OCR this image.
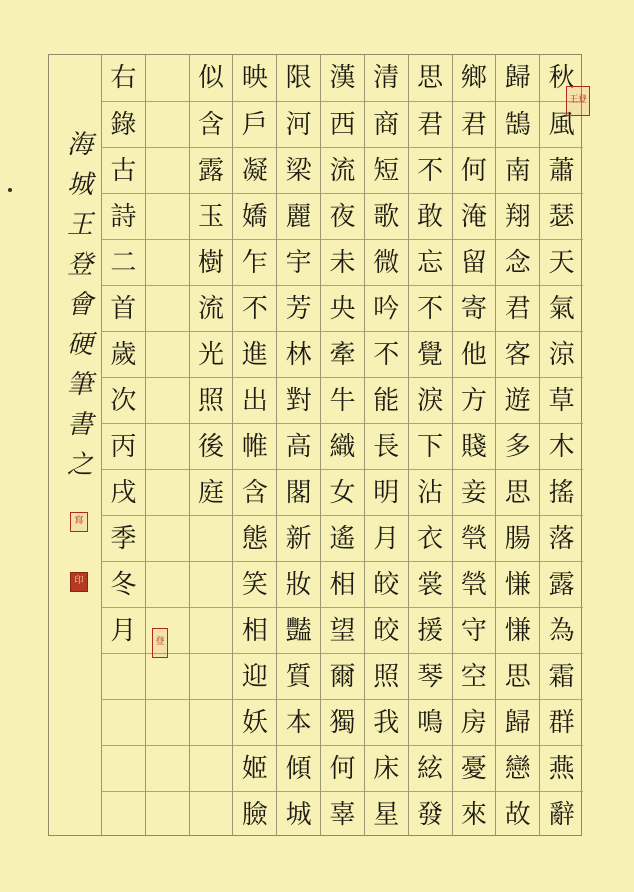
秋
風
蕭
瑟
天
氣
涼
草
木
搖
落
露
為
霜
群
燕
辭
歸
鵠
南
翔
念
君
客
遊
多
思
腸
慊
慊
思
歸
戀
故
鄉
君
何
淹
留
寄
他
方
賤
妾
煢
煢
守
空
房
憂
來
思
君
不
敢
忘
不
覺
淚
下
沾
衣
裳
援
琴
鳴
絃
發
清
商
短
歌
微
吟
不
能
長
明
月
皎
皎
照
我
床
星
漢
西
流
夜
未
央
牽
牛
織
女
遙
相
望
爾
獨
何
辜
限
河
梁
麗
宇
芳
林
對
高
閣
新
妝
豔
質
本
傾
城
映
戶
凝
嬌
乍
不
進
出
帷
含
態
笑
相
迎
妖
姬
臉
似
含
露
玉
樹
流
光
照
後
庭
右
錄
古
詩
二
首
歲
次
丙
戌
季
冬
月
王登
海城王登會硬筆書之
寫
印
登
